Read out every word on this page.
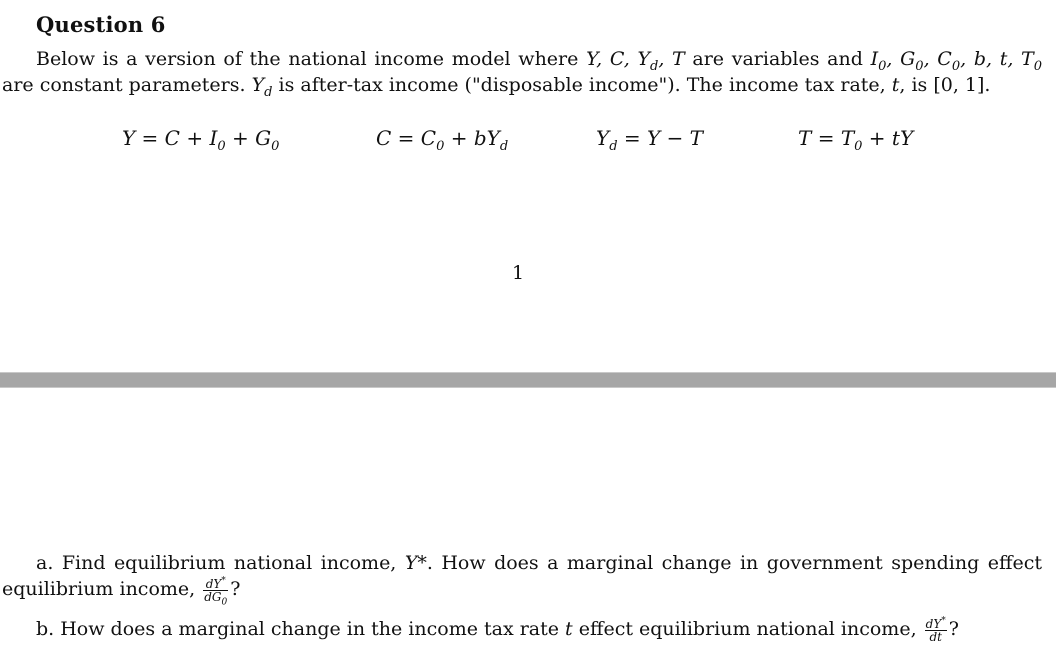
Question 6
Below is a version of the national income model where Y, C, $Y_d$, T are variables and $I_0$, $G_0$, $C_0$, b, t, $T_0$ are constant parameters. $Y_d$ is after-tax income ("disposable income"). The income tax rate, t, is [0, 1].
$Y = C + I_0 + G_0$	$C = C_0 + bY_d$	$Y_d = Y - T$	$T = T_0$ + tY
1
a. Find equilibrium national income, Y*. How does a marginal change in government spending effect equilibrium income, $\frac{dY^*}{dG_0}$ ?
b. How does a marginal change in the income tax rate t effect equilibrium national income, $\frac{dY^*}{dt}$ ?
